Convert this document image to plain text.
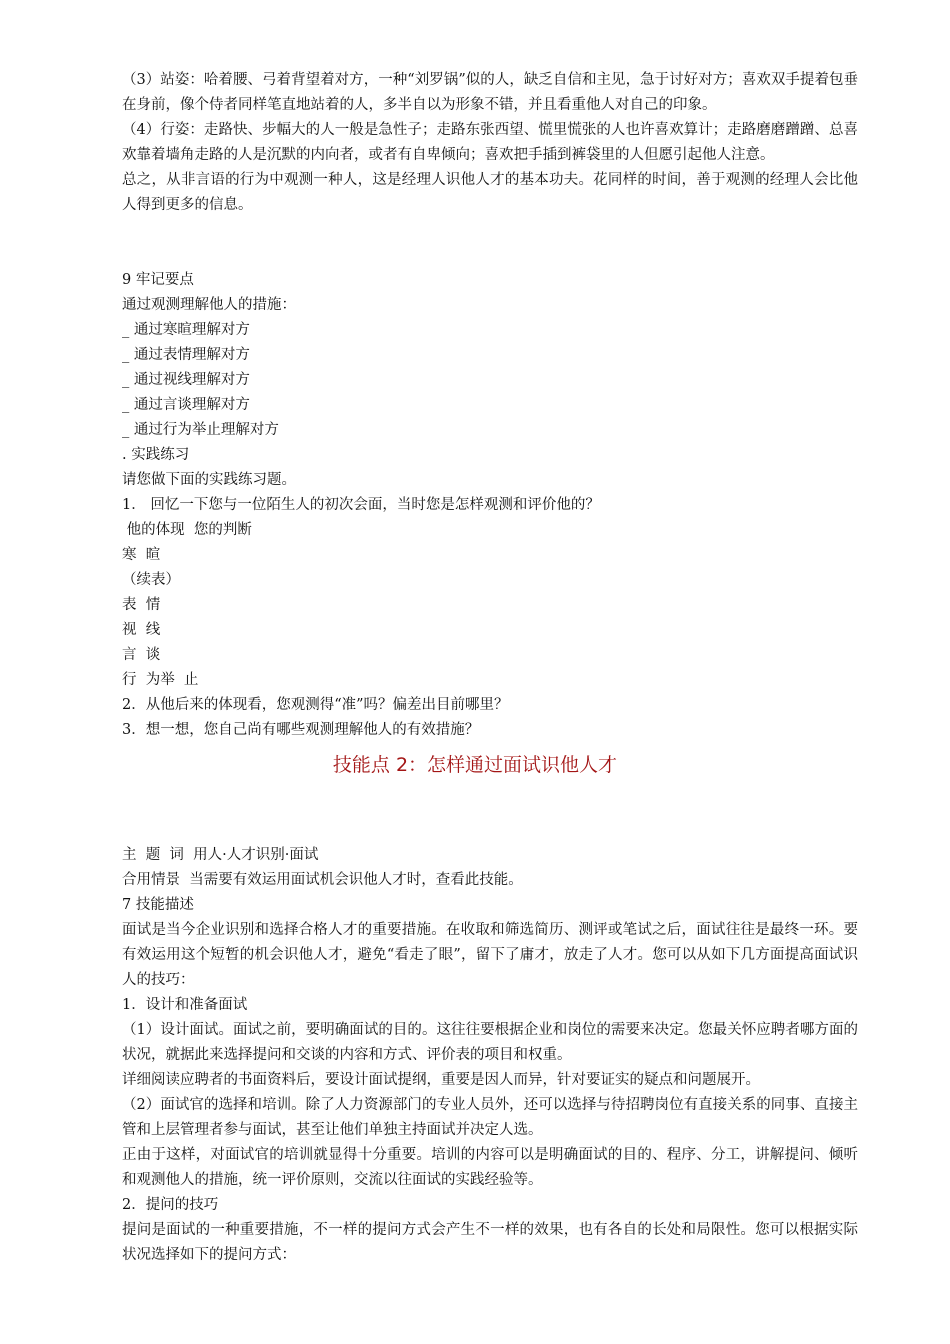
（3）站姿：哈着腰、弓着背望着对方，一种“刘罗锅”似的人，缺乏自信和主见，急于讨好对方；喜欢双手提着包垂在身前，像个侍者同样笔直地站着的人，多半自以为形象不错，并且看重他人对自己的印象。

（4）行姿：走路快、步幅大的人一般是急性子；走路东张西望、慌里慌张的人也许喜欢算计；走路磨磨蹭蹭、总喜欢靠着墙角走路的人是沉默的内向者，或者有自卑倾向；喜欢把手插到裤袋里的人但愿引起他人注意。

总之，从非言语的行为中观测一种人，这是经理人识他人才的基本功夫。花同样的时间，善于观测的经理人会比他人得到更多的信息。

9 牢记要点

通过观测理解他人的措施：

_ 通过寒暄理解对方

_ 通过表情理解对方

_ 通过视线理解对方

_ 通过言谈理解对方

_ 通过行为举止理解对方

. 实践练习

请您做下面的实践练习题。

1． 回忆一下您与一位陌生人的初次会面，当时您是怎样观测和评价他的？

他的体现  您的判断

寒  暄

（续表）

表  情

视  线

言  谈

行  为举  止

2．从他后来的体现看，您观测得“准”吗？偏差出目前哪里？

3．想一想，您自己尚有哪些观测理解他人的有效措施？

技能点 2：怎样通过面试识他人才

主  题  词  用人·人才识别·面试

合用情景  当需要有效运用面试机会识他人才时，查看此技能。

7 技能描述

面试是当今企业识别和选择合格人才的重要措施。在收取和筛选简历、测评或笔试之后，面试往往是最终一环。要有效运用这个短暂的机会识他人才，避免“看走了眼”，留下了庸才，放走了人才。您可以从如下几方面提高面试识人的技巧：

1．设计和准备面试

（1）设计面试。面试之前，要明确面试的目的。这往往要根据企业和岗位的需要来决定。您最关怀应聘者哪方面的状况，就据此来选择提问和交谈的内容和方式、评价表的项目和权重。

详细阅读应聘者的书面资料后，要设计面试提纲，重要是因人而异，针对要证实的疑点和问题展开。

（2）面试官的选择和培训。除了人力资源部门的专业人员外，还可以选择与待招聘岗位有直接关系的同事、直接主管和上层管理者参与面试，甚至让他们单独主持面试并决定人选。

正由于这样，对面试官的培训就显得十分重要。培训的内容可以是明确面试的目的、程序、分工，讲解提问、倾听和观测他人的措施，统一评价原则，交流以往面试的实践经验等。

2．提问的技巧

提问是面试的一种重要措施，不一样的提问方式会产生不一样的效果，也有各自的长处和局限性。您可以根据实际状况选择如下的提问方式：
